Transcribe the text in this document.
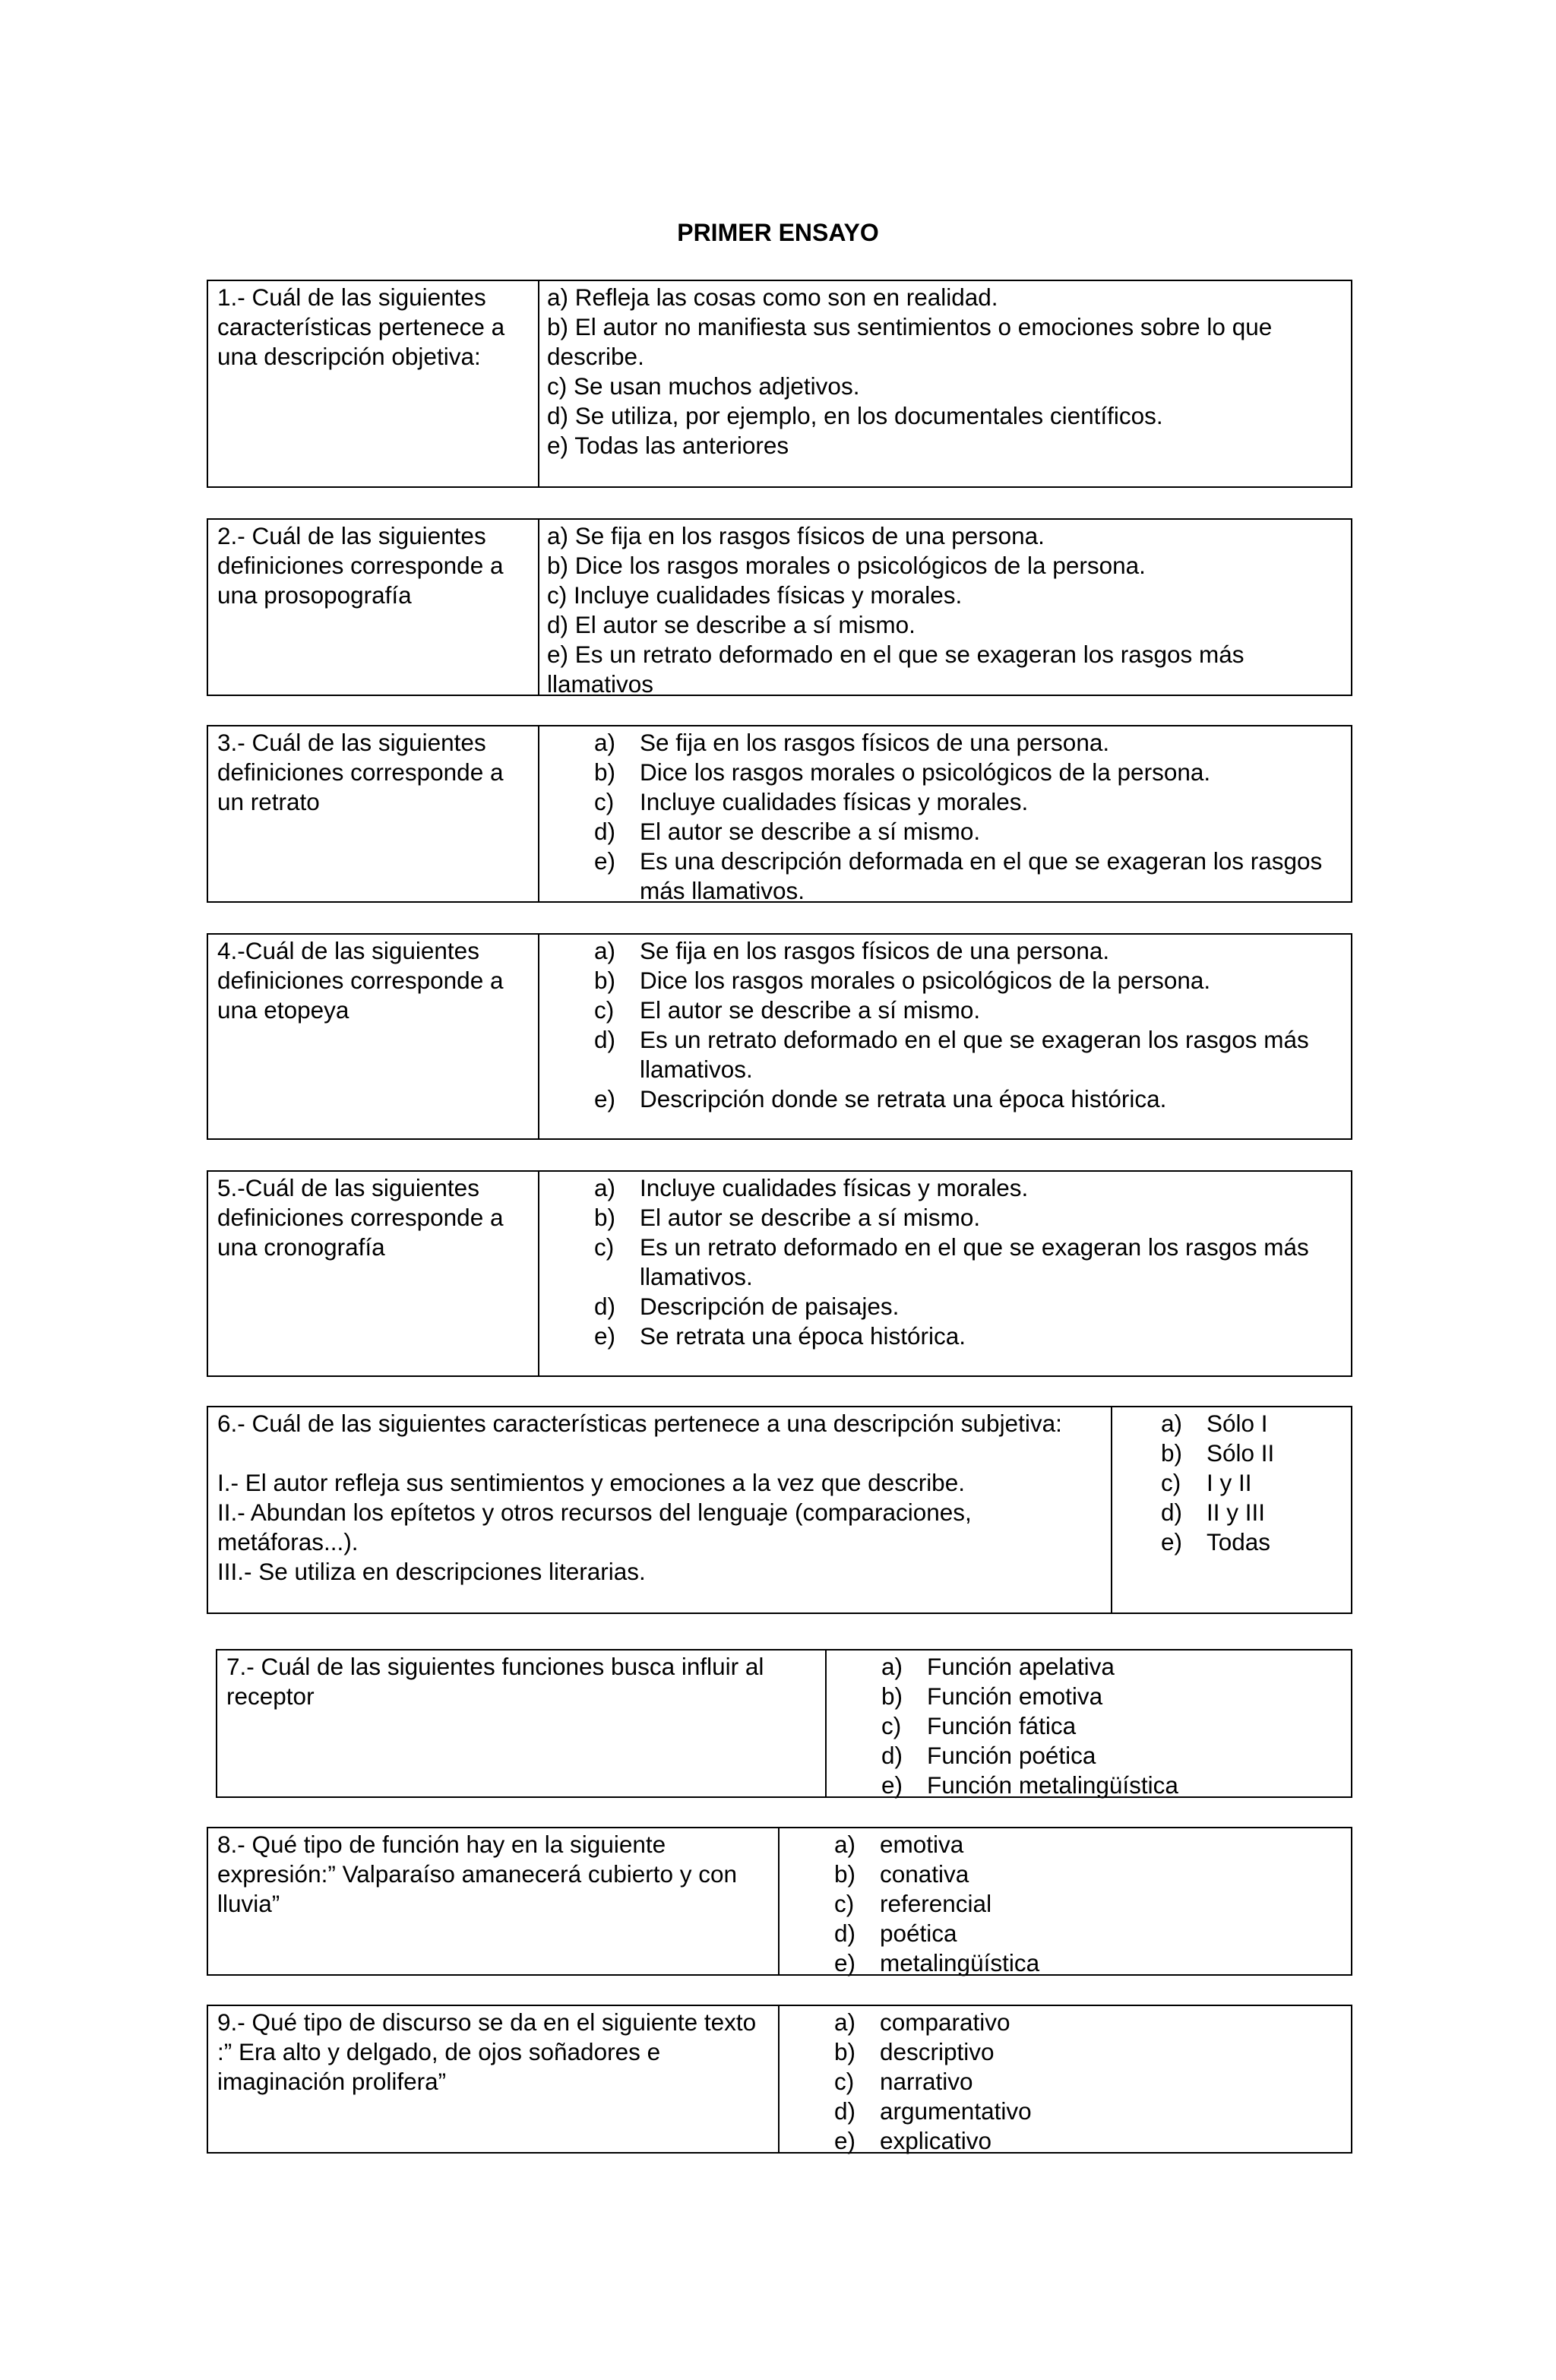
PRIMER ENSAYO
1.- Cuál de las siguientes características pertenece a una descripción objetiva:
a) Refleja las cosas como son en realidad.
b) El autor no manifiesta sus sentimientos o emociones sobre lo que describe.
c) Se usan muchos adjetivos.
d) Se utiliza, por ejemplo, en los documentales científicos.
e) Todas las anteriores
2.- Cuál de las siguientes definiciones corresponde a una prosopografía
a) Se fija en los rasgos físicos de una persona.
b) Dice los rasgos morales o psicológicos de la persona.
c) Incluye cualidades físicas y morales.
d) El autor se describe a sí mismo.
e) Es un retrato deformado en el que se exageran los rasgos más llamativos
3.- Cuál de las siguientes definiciones corresponde a un retrato
a)	Se fija en los rasgos físicos de una persona.
b)	Dice los rasgos morales o psicológicos de la persona.
c)	Incluye cualidades físicas y morales.
d)	El autor se describe a sí mismo.
e)	Es una descripción deformada en el que se exageran los rasgos más llamativos.
4.-Cuál de las siguientes definiciones corresponde a una etopeya
a)	Se fija en los rasgos físicos de una persona.
b)	Dice los rasgos morales o psicológicos de la persona.
c)	El autor se describe a sí mismo.
d)	Es un retrato deformado en el que se exageran los rasgos más llamativos.
e)	Descripción donde se retrata una época histórica.
5.-Cuál de las siguientes definiciones corresponde a una cronografía
a)	Incluye cualidades físicas y morales.
b)	El autor se describe a sí mismo.
c)	Es un retrato deformado en el que se exageran los rasgos más llamativos.
d)	Descripción de paisajes.
e)	Se retrata una época histórica.
6.- Cuál de las siguientes características pertenece a una descripción subjetiva:

I.- El autor refleja sus sentimientos y emociones a la vez que describe.
II.- Abundan los epítetos y otros recursos del lenguaje (comparaciones, metáforas...).
III.- Se utiliza en descripciones literarias.
a)	Sólo I
b)	Sólo II
c)	I y II
d)	II y III
e)	Todas
7.- Cuál de las siguientes funciones busca influir al receptor
a)	Función apelativa
b)	Función emotiva
c)	Función fática
d)	Función poética
e)	Función metalingüística
8.- Qué tipo de función hay en la siguiente expresión:” Valparaíso amanecerá cubierto y con lluvia”
a)	emotiva
b)	conativa
c)	referencial
d)	poética
e)	metalingüística
9.- Qué tipo de discurso se da en el siguiente texto :” Era alto y delgado, de ojos soñadores e imaginación prolifera”
a)	comparativo
b)	descriptivo
c)	narrativo
d)	argumentativo
e)	explicativo
